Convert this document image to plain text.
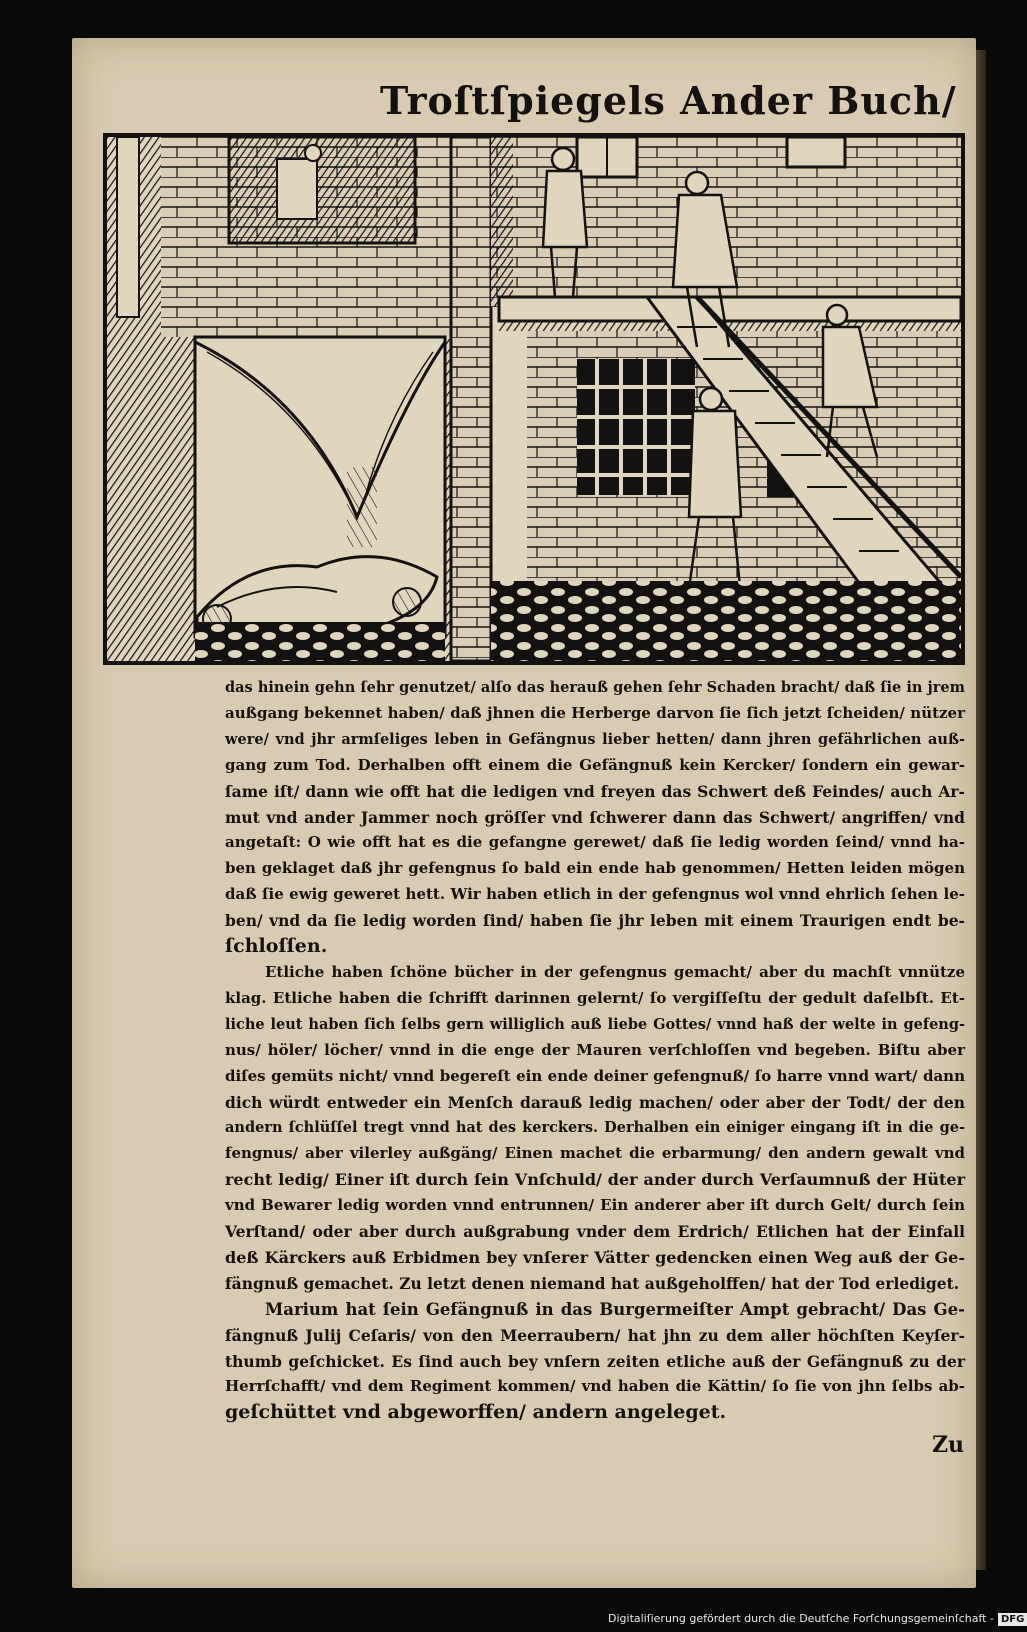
Troſtſpiegels Ander Buch/
das hinein gehn ſehr genutzet/ alſo das herauß gehen ſehr Schaden bracht/ daß ſie in jrem
außgang bekennet haben/ daß jhnen die Herberge darvon ſie ſich jetzt ſcheiden/ nützer
were/ vnd jhr armſeliges leben in Gefängnus lieber hetten/ dann jhren gefährlichen auß-
gang zum Tod. Derhalben offt einem die Gefängnuß kein Kercker/ ſondern ein gewar-
ſame iſt/ dann wie offt hat die ledigen vnd freyen das Schwert deß Feindes/ auch Ar-
mut vnd ander Jammer noch gröſſer vnd ſchwerer dann das Schwert/ angriffen/ vnd
angetaſt: O wie offt hat es die gefangne gerewet/ daß ſie ledig worden ſeind/ vnnd ha-
ben geklaget daß jhr gefengnus ſo bald ein ende hab genommen/ Hetten leiden mögen
daß ſie ewig geweret hett. Wir haben etlich in der gefengnus wol vnnd ehrlich ſehen le-
ben/ vnd da ſie ledig worden ſind/ haben ſie jhr leben mit einem Traurigen endt be-
ſchloſſen.
Etliche haben ſchöne bücher in der gefengnus gemacht/ aber du machſt vnnütze
klag. Etliche haben die ſchrifft darinnen gelernt/ ſo vergiſſeſtu der gedult daſelbſt. Et-
liche leut haben ſich ſelbs gern williglich auß liebe Gottes/ vnnd haß der welte in gefeng-
nus/ höler/ löcher/ vnnd in die enge der Mauren verſchloſſen vnd begeben. Biſtu aber
diſes gemüts nicht/ vnnd begereſt ein ende deiner gefengnuß/ ſo harre vnnd wart/ dann
dich würdt entweder ein Menſch darauß ledig machen/ oder aber der Todt/ der den
andern ſchlüſſel tregt vnnd hat des kerckers. Derhalben ein einiger eingang iſt in die ge-
fengnus/ aber vilerley außgäng/ Einen machet die erbarmung/ den andern gewalt vnd
recht ledig/ Einer iſt durch ſein Vnſchuld/ der ander durch Verſaumnuß der Hüter
vnd Bewarer ledig worden vnnd entrunnen/ Ein anderer aber iſt durch Gelt/ durch ſein
Verſtand/ oder aber durch außgrabung vnder dem Erdrich/ Etlichen hat der Einfall
deß Kärckers auß Erbidmen bey vnſerer Vätter gedencken einen Weg auß der Ge-
fängnuß gemachet. Zu letzt denen niemand hat außgeholffen/ hat der Tod erlediget.
Marium hat ſein Gefängnuß in das Burgermeiſter Ampt gebracht/ Das Ge-
fängnuß Julij Ceſaris/ von den Meerraubern/ hat jhn zu dem aller höchſten Keyſer-
thumb geſchicket. Es ſind auch bey vnſern zeiten etliche auß der Gefängnuß zu der
Herrſchafft/ vnd dem Regiment kommen/ vnd haben die Kättin/ ſo ſie von jhn ſelbs ab-
geſchüttet vnd abgeworffen/ andern angeleget.
Zu
Digitaliſierung gefördert durch die Deutſche Forſchungsgemeinſchaft - DFG
